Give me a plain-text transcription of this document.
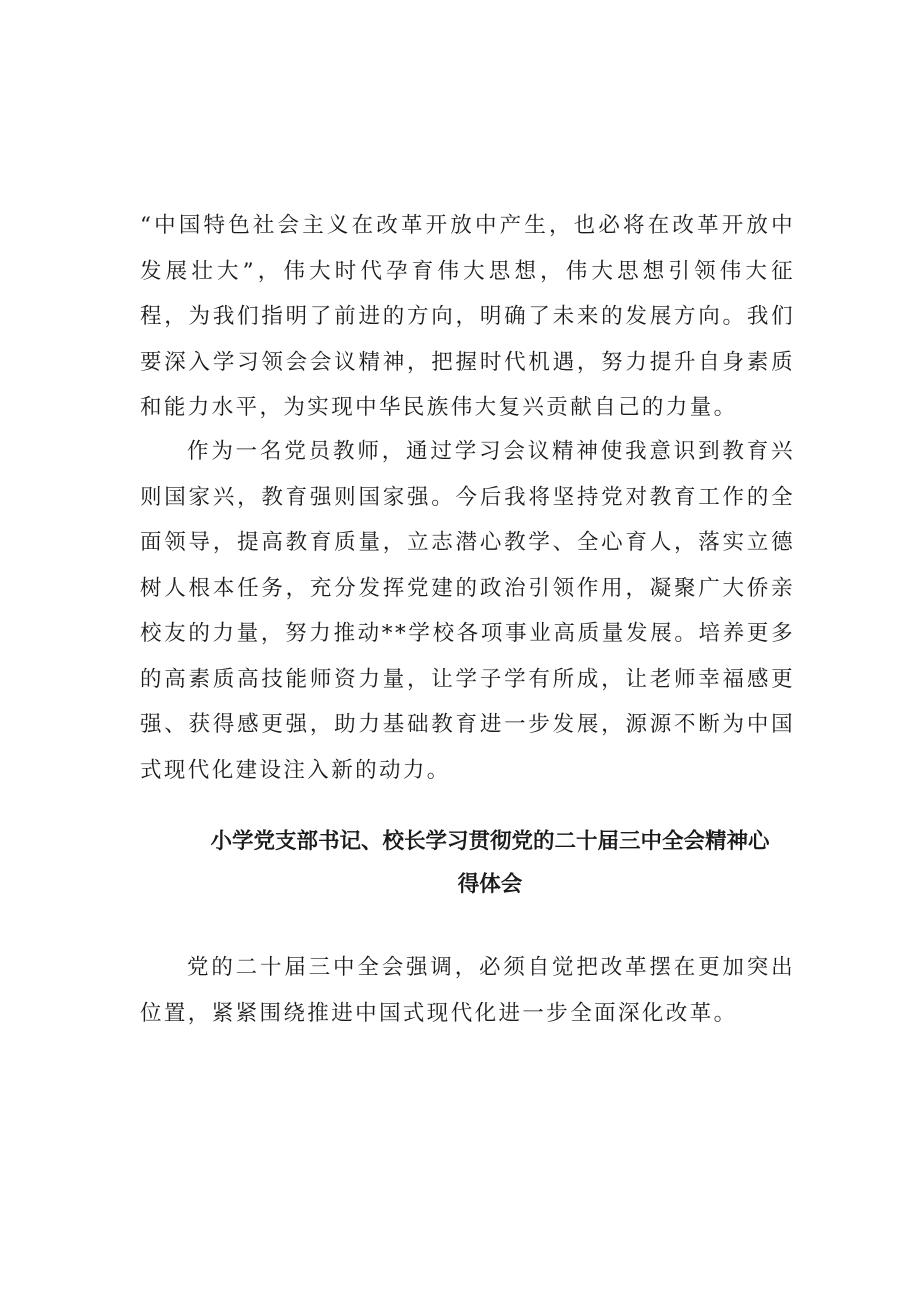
“中国特色社会主义在改革开放中产生，也必将在改革开放中发展壮大”，伟大时代孕育伟大思想，伟大思想引领伟大征程，为我们指明了前进的方向，明确了未来的发展方向。我们要深入学习领会会议精神，把握时代机遇，努力提升自身素质和能力水平，为实现中华民族伟大复兴贡献自己的力量。

作为一名党员教师，通过学习会议精神使我意识到教育兴则国家兴，教育强则国家强。今后我将坚持党对教育工作的全面领导，提高教育质量，立志潜心教学、全心育人，落实立德树人根本任务，充分发挥党建的政治引领作用，凝聚广大侨亲校友的力量，努力推动**学校各项事业高质量发展。培养更多的高素质高技能师资力量，让学子学有所成，让老师幸福感更强、获得感更强，助力基础教育进一步发展，源源不断为中国式现代化建设注入新的动力。

小学党支部书记、校长学习贯彻党的二十届三中全会精神心
得体会

党的二十届三中全会强调，必须自觉把改革摆在更加突出位置，紧紧围绕推进中国式现代化进一步全面深化改革。
